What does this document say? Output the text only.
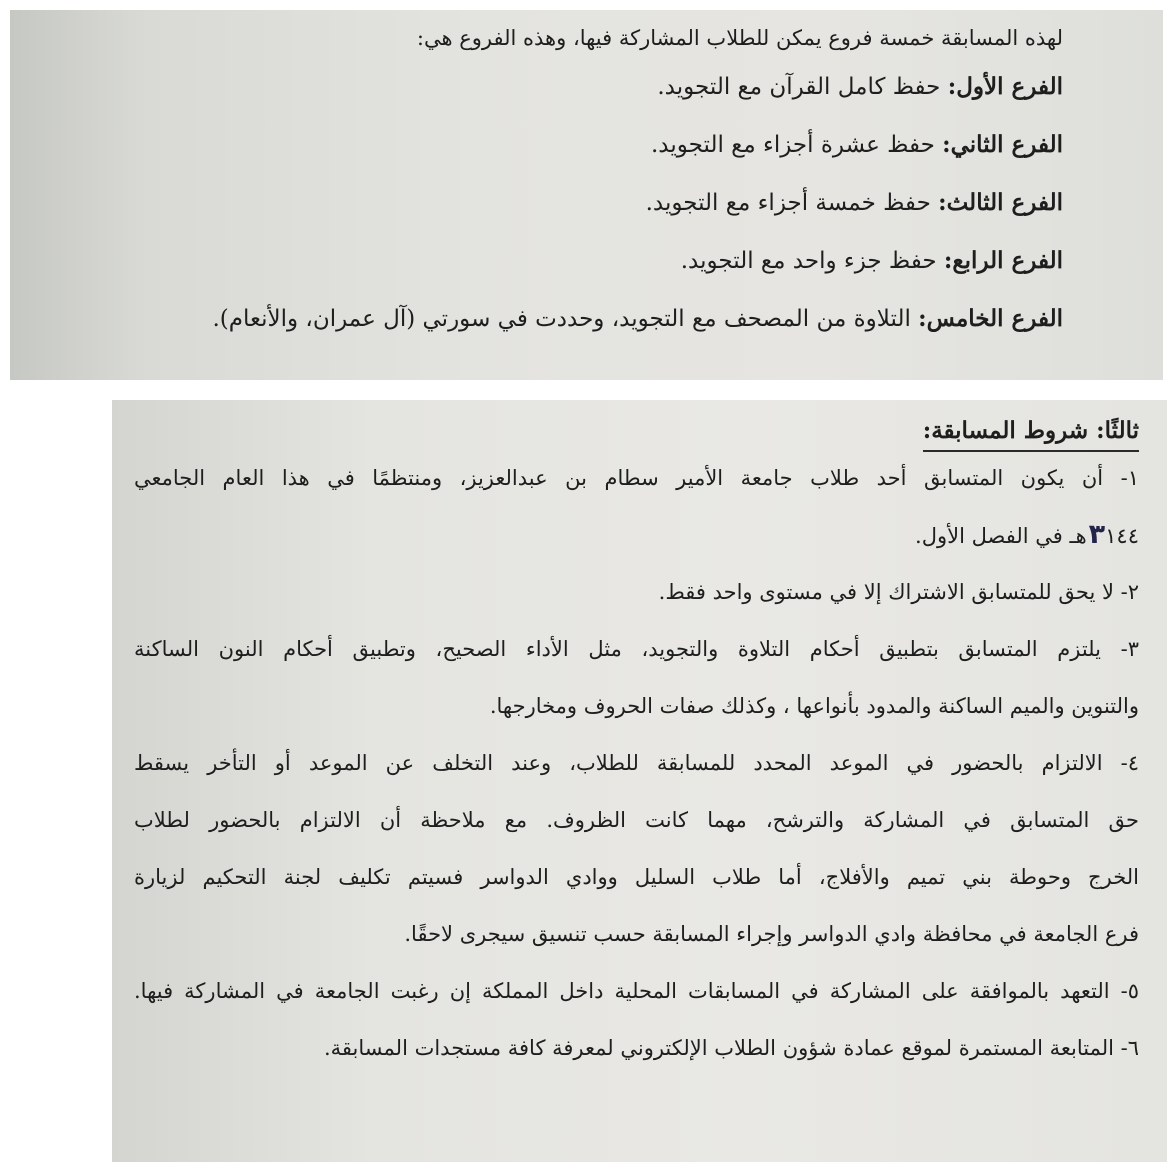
لهذه المسابقة خمسة فروع يمكن للطلاب المشاركة فيها، وهذه الفروع هي:
الفرع الأول: حفظ كامل القرآن مع التجويد.
الفرع الثاني: حفظ عشرة أجزاء مع التجويد.
الفرع الثالث: حفظ خمسة أجزاء مع التجويد.
الفرع الرابع: حفظ جزء واحد مع التجويد.
الفرع الخامس: التلاوة من المصحف مع التجويد، وحددت في سورتي (آل عمران، والأنعام).
ثالثًا: شروط المسابقة:
١- أن يكون المتسابق أحد طلاب جامعة الأمير سطام بن عبدالعزيز، ومنتظمًا في هذا العام الجامعي
٣١٤٤هـ في الفصل الأول.
٢- لا يحق للمتسابق الاشتراك إلا في مستوى واحد فقط.
٣- يلتزم المتسابق بتطبيق أحكام التلاوة والتجويد، مثل الأداء الصحيح، وتطبيق أحكام النون الساكنة
والتنوين والميم الساكنة والمدود بأنواعها ، وكذلك صفات الحروف ومخارجها.
٤- الالتزام بالحضور في الموعد المحدد للمسابقة للطلاب، وعند التخلف عن الموعد أو التأخر يسقط
حق المتسابق في المشاركة والترشح، مهما كانت الظروف. مع ملاحظة أن الالتزام بالحضور لطلاب
الخرج وحوطة بني تميم والأفلاج، أما طلاب السليل ووادي الدواسر فسيتم تكليف لجنة التحكيم لزيارة
فرع الجامعة في محافظة وادي الدواسر وإجراء المسابقة حسب تنسيق سيجرى لاحقًا.
٥- التعهد بالموافقة على المشاركة في المسابقات المحلية داخل المملكة إن رغبت الجامعة في المشاركة فيها.
٦- المتابعة المستمرة لموقع عمادة شؤون الطلاب الإلكتروني لمعرفة كافة مستجدات المسابقة.
